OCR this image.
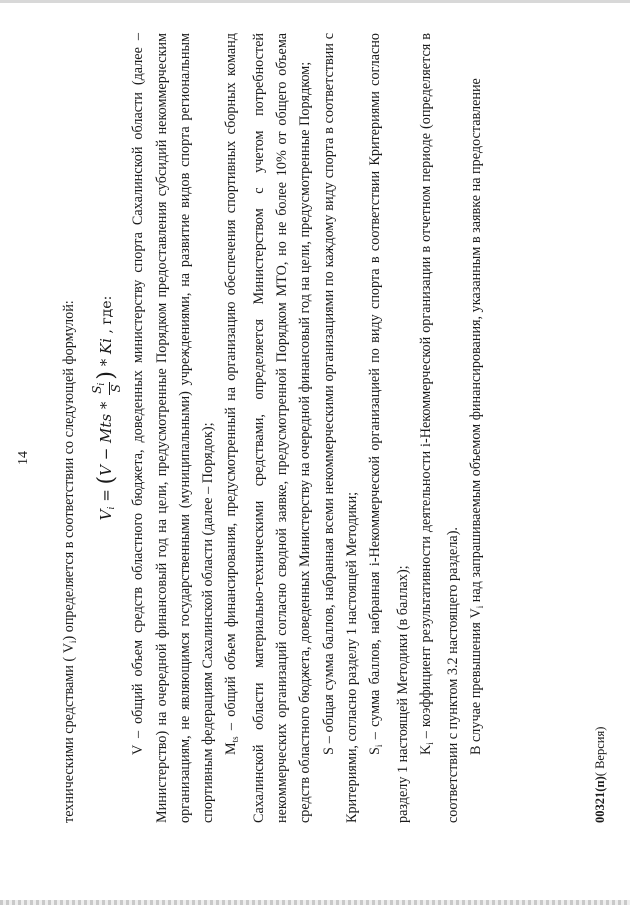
14

техническими средствами ( $V_i$) определяется в соответствии со следующей формулой:	$V_i = (V$ − Mts *
$S_i$
S
) * Ki , где:	V – общий объем средств областного бюджета, доведенных министерству спорта Сахалинской области (далее – Министерство) на очередной финансовый год на цели, предусмотренные Порядком предоставления субсидий некоммерческим организациям, не являющимся государственными (муниципальными) учреждениями, на развитие видов спорта региональным спортивным федерациям Сахалинской области (далее – Порядок); $M_{ts}$ – общий объем финансирования, предусмотренный на организацию обеспечения спортивных сборных команд Сахалинской области материально-техническими средствами, определяется Министерством с учетом потребностей некоммерческих организаций согласно сводной заявке, предусмотренной Порядком МТО, но не более 10% от общего объема средств областного бюджета, доведенных Министерству на очередной финансовый год на цели, предусмотренные Порядком; S – общая сумма баллов, набранная всеми некоммерческими организациями по каждому виду спорта в соответствии с Критериями, согласно разделу 1 настоящей Методики; $S_i$ – сумма баллов, набранная i-Некоммерческой организацией по виду спорта в соответствии Критериями согласно разделу 1 настоящей Методики (в баллах); $K_i$ – коэффициент результативности деятельности i-Некоммерческой организации в отчетном периоде (определяется в соответствии с пунктом 3.2 настоящего раздела). В случае превышения $V_i$ над запрашиваемым объемом финансирования, указанным в заявке на предоставление

00321(п)( Версия)
